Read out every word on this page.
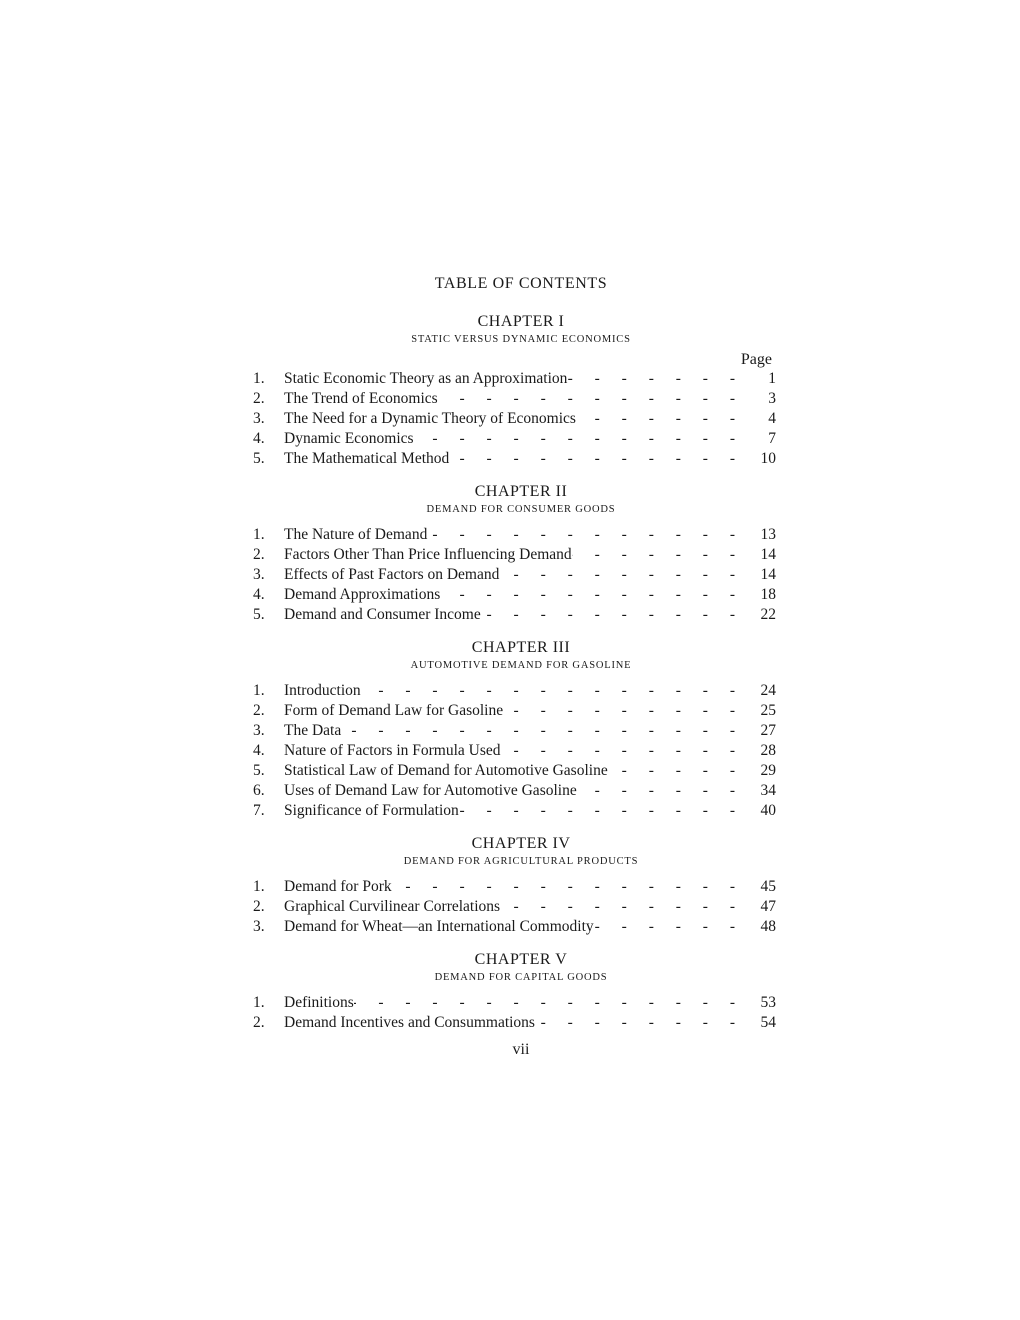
TABLE OF CONTENTS
CHAPTER I
STATIC VERSUS DYNAMIC ECONOMICS
Page
1.	Static Economic Theory as an Approximation - - -	1
2.	The Trend of Economics - - -	3
3.	The Need for a Dynamic Theory of Economics - - -	4
4.	Dynamic Economics - - -	7
5.	The Mathematical Method - - -	10
CHAPTER II
DEMAND FOR CONSUMER GOODS
1.	The Nature of Demand - - -	13
2.	Factors Other Than Price Influencing Demand - - -	14
3.	Effects of Past Factors on Demand - - -	14
4.	Demand Approximations - - -	18
5.	Demand and Consumer Income - - -	22
CHAPTER III
AUTOMOTIVE DEMAND FOR GASOLINE
1.	Introduction - - -	24
2.	Form of Demand Law for Gasoline - - -	25
3.	The Data - - -	27
4.	Nature of Factors in Formula Used - - -	28
5.	Statistical Law of Demand for Automotive Gasoline - - -	29
6.	Uses of Demand Law for Automotive Gasoline - - -	34
7.	Significance of Formulation - - -	40
CHAPTER IV
DEMAND FOR AGRICULTURAL PRODUCTS
1.	Demand for Pork - - -	45
2.	Graphical Curvilinear Correlations - - -	47
3.	Demand for Wheat—an International Commodity - - -	48
CHAPTER V
DEMAND FOR CAPITAL GOODS
1.	Definitions - - -	53
2.	Demand Incentives and Consummations - - -	54
vii
